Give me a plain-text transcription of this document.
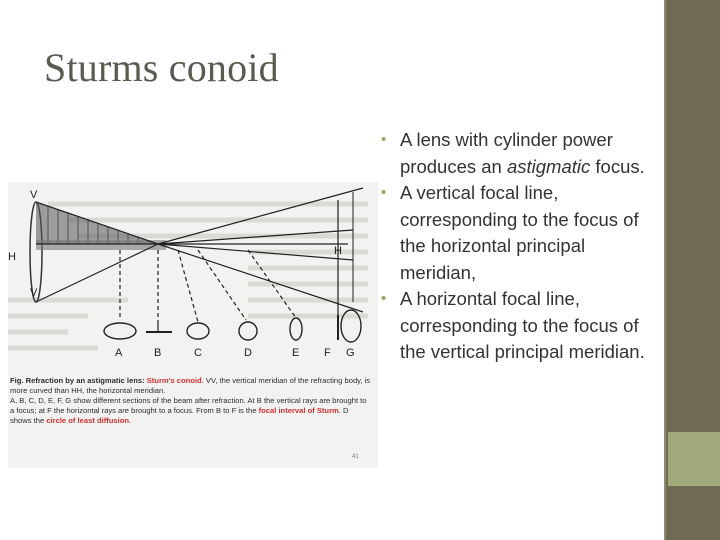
Sturms conoid
V
H
V
H
A	B	C	D	E F G
Fig. Refraction by an astigmatic lens: Sturm's conoid. VV, the vertical meridian of the refracting body, is more curved than HH, the horizontal meridian.
A, B, C, D, E, F, G show different sections of the beam after refraction. At B the vertical rays are brought to a focus; at F the horizontal rays are brought to a focus. From B to F is the focal interval of Sturm. D shows the circle of least diffusion.
41
• A lens with cylinder power produces an astigmatic focus.
• A vertical focal line, corresponding to the focus of the horizontal principal meridian,
• A horizontal focal line, corresponding to the focus of the vertical principal meridian.
